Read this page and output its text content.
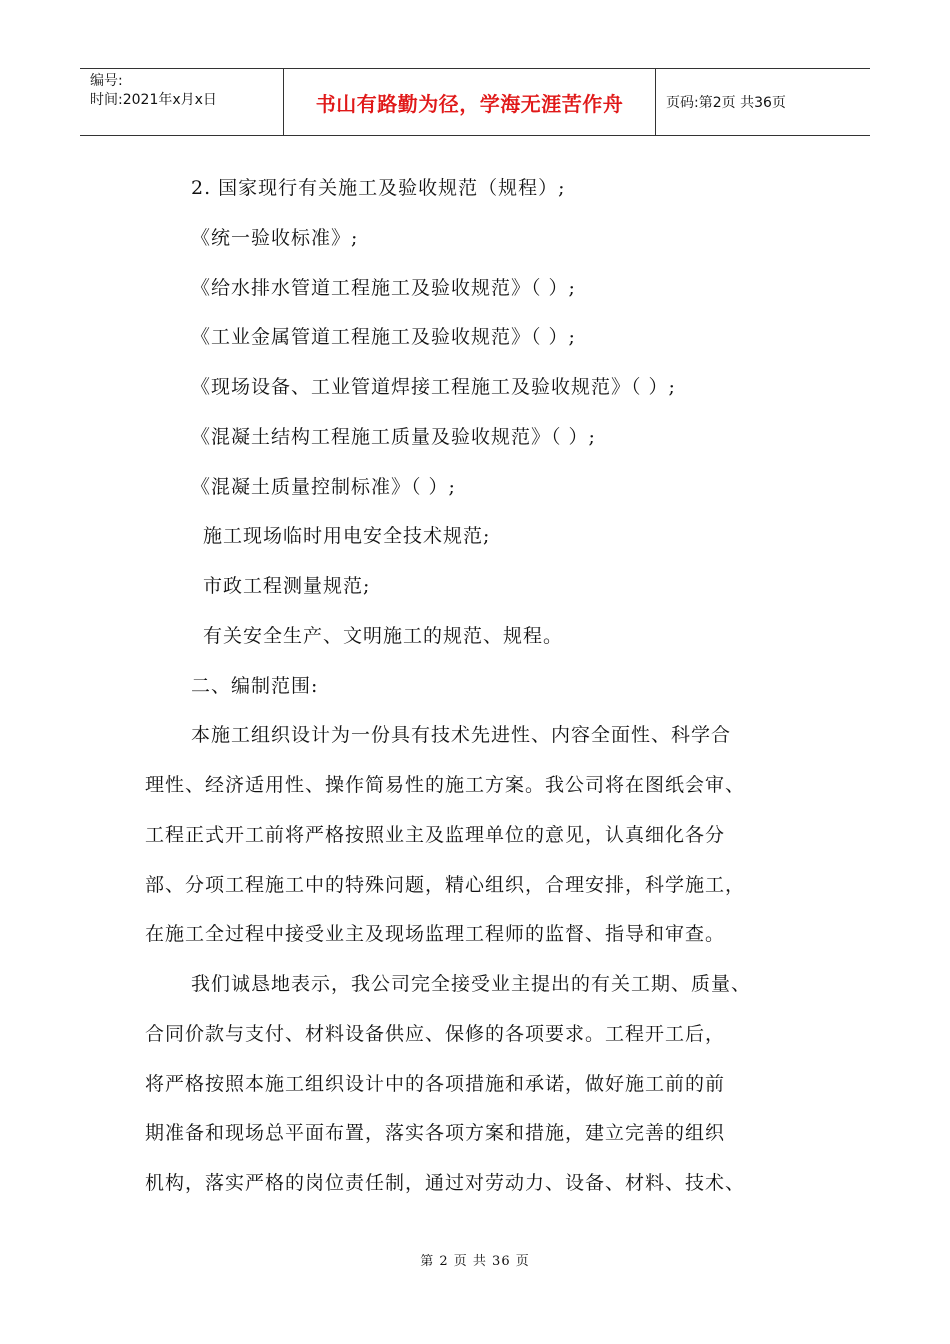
编号:
时间:2021年x月x日	书山有路勤为径，学海无涯苦作舟	页码:第2页 共36页
2. 国家现行有关施工及验收规范（规程）;
《统一验收标准》;
《给水排水管道工程施工及验收规范》（ ）;
《工业金属管道工程施工及验收规范》（ ）;
《现场设备、工业管道焊接工程施工及验收规范》（ ）;
《混凝土结构工程施工质量及验收规范》（ ）;
《混凝土质量控制标准》（ ）;
施工现场临时用电安全技术规范;
市政工程测量规范;
有关安全生产、文明施工的规范、规程。
二、编制范围:
本施工组织设计为一份具有技术先进性、内容全面性、科学合
理性、经济适用性、操作简易性的施工方案。我公司将在图纸会审、
工程正式开工前将严格按照业主及监理单位的意见，认真细化各分
部、分项工程施工中的特殊问题，精心组织，合理安排，科学施工，
在施工全过程中接受业主及现场监理工程师的监督、指导和审查。
我们诚恳地表示，我公司完全接受业主提出的有关工期、质量、
合同价款与支付、材料设备供应、保修的各项要求。工程开工后，
将严格按照本施工组织设计中的各项措施和承诺，做好施工前的前
期准备和现场总平面布置，落实各项方案和措施，建立完善的组织
机构，落实严格的岗位责任制，通过对劳动力、设备、材料、技术、
第 2 页 共 36 页
